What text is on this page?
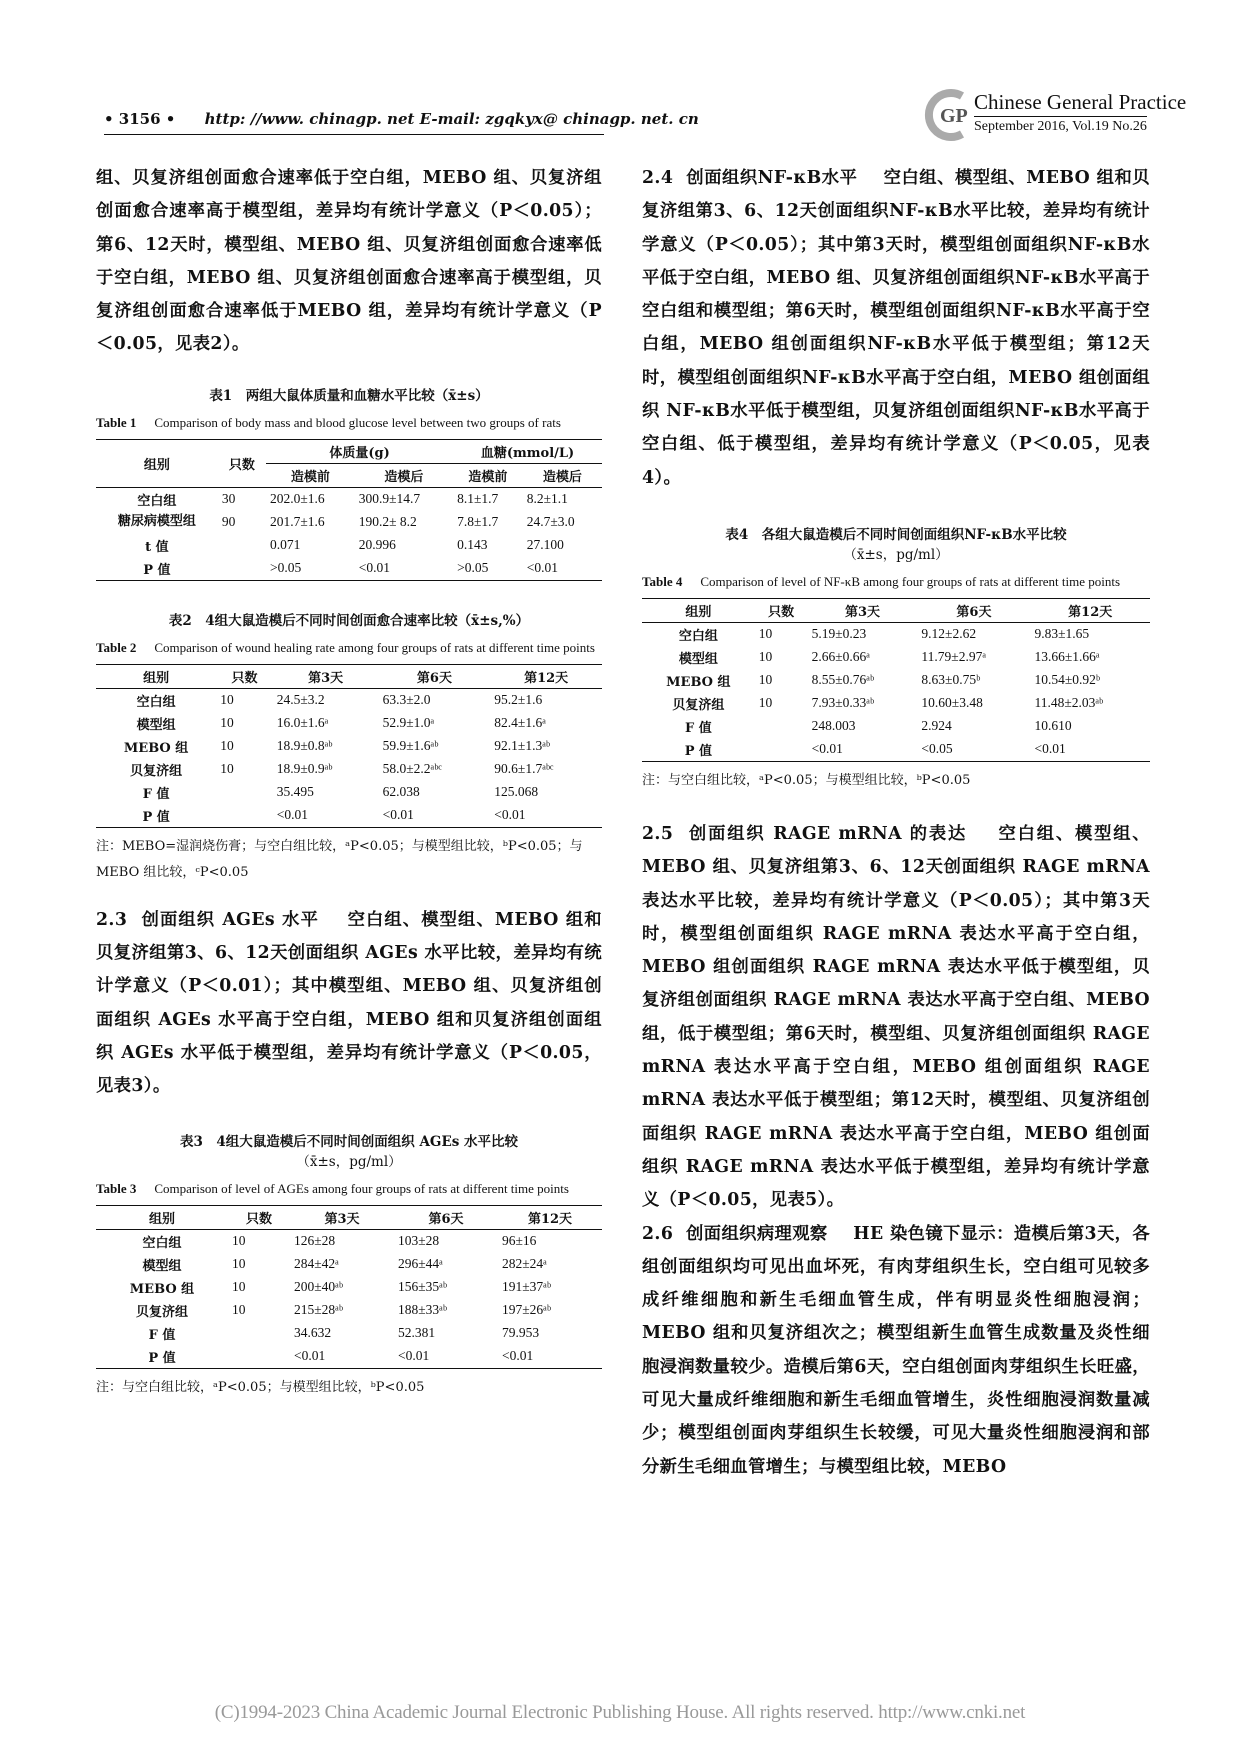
• 3156 • http: //www. chinagp. net E-mail: zgqkyx@ chinagp. net. cn	GP
Chinese General Practice
September 2016, Vol.19 No.26

组、贝复济组创面愈合速率低于空白组，MEBO 组、贝复济组创面愈合速率高于模型组，差异均有统计学意义（P＜0.05）；第6、12天时，模型组、MEBO 组、贝复济组创面愈合速率低于空白组，MEBO 组、贝复济组创面愈合速率高于模型组，贝复济组创面愈合速率低于MEBO 组，差异均有统计学意义（P＜0.05，见表2）。

表1　两组大鼠体质量和血糖水平比较（x̄±s）

Table 1 Comparison of body mass and blood glucose level between two groups of rats

组别	只数	体质量(g)		血糖(mmol/L)	
		造模前	造模后	造模前	造模后
空白组	30	202.0±1.6	300.9±14.7	8.1±1.7	8.2±1.1
糖尿病模型组	90	201.7±1.6	190.2± 8.2	7.8±1.7	24.7±3.0
t 值		0.071	20.996	0.143	27.100
P 值		>0.05	<0.01	>0.05	<0.01

表2　4组大鼠造模后不同时间创面愈合速率比较（x̄±s,%）

Table 2 Comparison of wound healing rate among four groups of rats at different time points

组别	只数	第3天	第6天	第12天
空白组	10	24.5±3.2	63.3±2.0	95.2±1.6
模型组	10	16.0±1.6ᵃ	52.9±1.0ᵃ	82.4±1.6ᵃ
MEBO 组	10	18.9±0.8ᵃᵇ	59.9±1.6ᵃᵇ	92.1±1.3ᵃᵇ
贝复济组	10	18.9±0.9ᵃᵇ	58.0±2.2ᵃᵇᶜ	90.6±1.7ᵃᵇᶜ
F 值		35.495	62.038	125.068
P 值		<0.01	<0.01	<0.01

注：MEBO=湿润烧伤膏；与空白组比较，ᵃP<0.05；与模型组比较，ᵇP<0.05；与 MEBO 组比较，ᶜP<0.05

2.3 创面组织 AGEs 水平 空白组、模型组、MEBO 组和贝复济组第3、6、12天创面组织 AGEs 水平比较，差异均有统计学意义（P＜0.01）；其中模型组、MEBO 组、贝复济组创面组织 AGEs 水平高于空白组，MEBO 组和贝复济组创面组织 AGEs 水平低于模型组，差异均有统计学意义（P＜0.05，见表3）。

表3　4组大鼠造模后不同时间创面组织 AGEs 水平比较

（x̄±s，pg/ml）

Table 3 Comparison of level of AGEs among four groups of rats at different time points

组别	只数	第3天	第6天	第12天
空白组	10	126±28	103±28	96±16
模型组	10	284±42ᵃ	296±44ᵃ	282±24ᵃ
MEBO 组	10	200±40ᵃᵇ	156±35ᵃᵇ	191±37ᵃᵇ
贝复济组	10	215±28ᵃᵇ	188±33ᵃᵇ	197±26ᵃᵇ
F 值		34.632	52.381	79.953
P 值		<0.01	<0.01	<0.01

注：与空白组比较，ᵃP<0.05；与模型组比较，ᵇP<0.05

2.4 创面组织NF-κB水平 空白组、模型组、MEBO 组和贝复济组第3、6、12天创面组织NF-κB水平比较，差异均有统计学意义（P＜0.05）；其中第3天时，模型组创面组织NF-κB水平低于空白组，MEBO 组、贝复济组创面组织NF-κB水平高于空白组和模型组；第6天时，模型组创面组织NF-κB水平高于空白组，MEBO 组创面组织NF-κB水平低于模型组；第12天时，模型组创面组织NF-κB水平高于空白组，MEBO 组创面组织 NF-κB水平低于模型组，贝复济组创面组织NF-κB水平高于空白组、低于模型组，差异均有统计学意义（P＜0.05，见表4）。

表4　各组大鼠造模后不同时间创面组织NF-κB水平比较

（x̄±s，pg/ml）

Table 4 Comparison of level of NF-κB among four groups of rats at different time points

组别	只数	第3天	第6天	第12天
空白组	10	5.19±0.23	9.12±2.62	9.83±1.65
模型组	10	2.66±0.66ᵃ	11.79±2.97ᵃ	13.66±1.66ᵃ
MEBO 组	10	8.55±0.76ᵃᵇ	8.63±0.75ᵇ	10.54±0.92ᵇ
贝复济组	10	7.93±0.33ᵃᵇ	10.60±3.48	11.48±2.03ᵃᵇ
F 值		248.003	2.924	10.610
P 值		<0.01	<0.05	<0.01

注：与空白组比较，ᵃP<0.05；与模型组比较，ᵇP<0.05

2.5 创面组织 RAGE mRNA 的表达 空白组、模型组、MEBO 组、贝复济组第3、6、12天创面组织 RAGE mRNA 表达水平比较，差异均有统计学意义（P＜0.05）；其中第3天时，模型组创面组织 RAGE mRNA 表达水平高于空白组，MEBO 组创面组织 RAGE mRNA 表达水平低于模型组，贝复济组创面组织 RAGE mRNA 表达水平高于空白组、MEBO 组，低于模型组；第6天时，模型组、贝复济组创面组织 RAGE mRNA 表达水平高于空白组，MEBO 组创面组织 RAGE mRNA 表达水平低于模型组；第12天时，模型组、贝复济组创面组织 RAGE mRNA 表达水平高于空白组，MEBO 组创面组织 RAGE mRNA 表达水平低于模型组，差异均有统计学意义（P＜0.05，见表5）。

2.6 创面组织病理观察 HE 染色镜下显示：造模后第3天，各组创面组织均可见出血坏死，有肉芽组织生长，空白组可见较多成纤维细胞和新生毛细血管生成，伴有明显炎性细胞浸润；MEBO 组和贝复济组次之；模型组新生血管生成数量及炎性细胞浸润数量较少。造模后第6天，空白组创面肉芽组织生长旺盛，可见大量成纤维细胞和新生毛细血管增生，炎性细胞浸润数量减少；模型组创面肉芽组织生长较缓，可见大量炎性细胞浸润和部分新生毛细血管增生；与模型组比较，MEBO

(C)1994-2023 China Academic Journal Electronic Publishing House. All rights reserved. http://www.cnki.net
